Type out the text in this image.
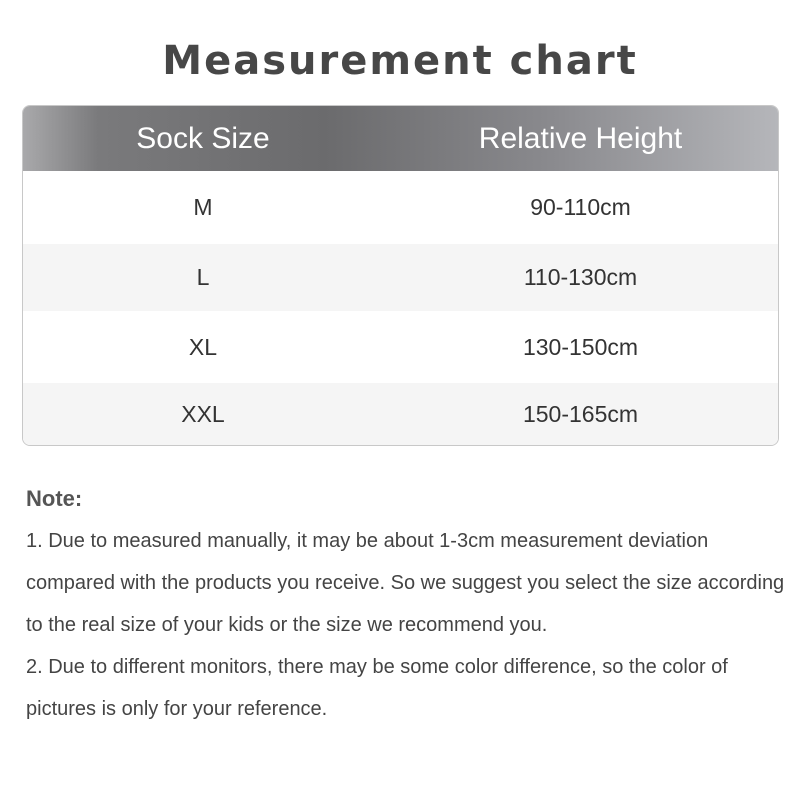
Measurement chart
Sock Size	Relative Height
M	90-110cm
L	110-130cm
XL	130-150cm
XXL	150-165cm
Note:

1. Due to measured manually, it may be about 1-3cm measurement deviation compared with the products you receive. So we suggest you select the size according to the real size of your kids or the size we recommend you.

2. Due to different monitors, there may be some color difference, so the color of pictures is only for your reference.
